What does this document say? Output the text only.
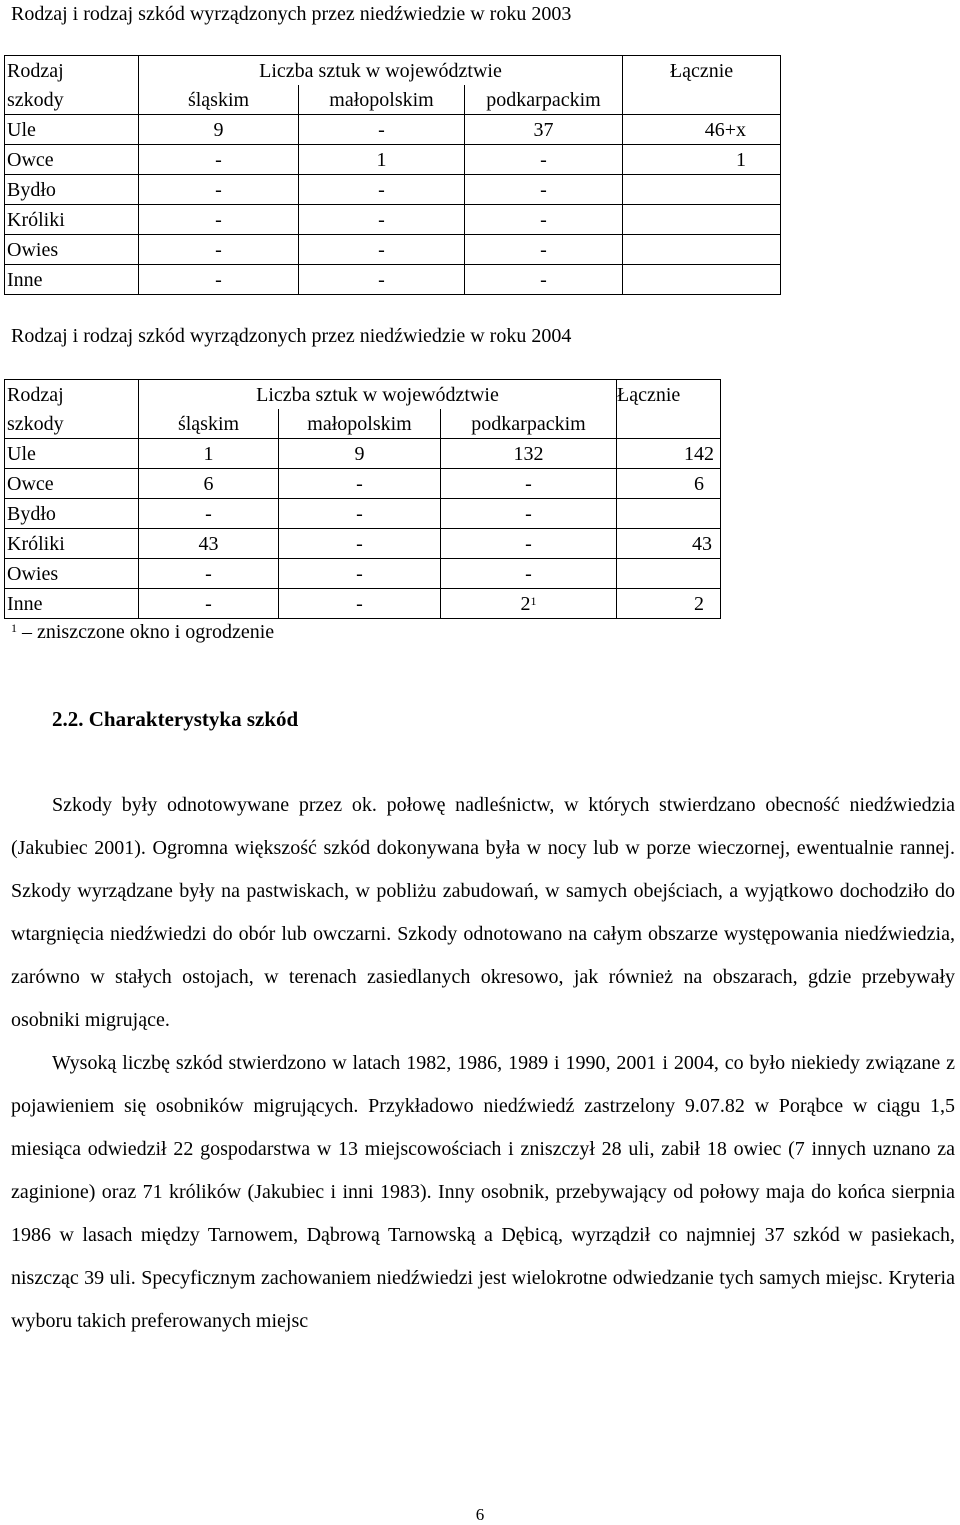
Rodzaj i rodzaj szkód wyrządzonych przez niedźwiedzie w roku 2003
Rodzaj	Liczba sztuk w województwie			Łącznie
szkody	śląskim	małopolskim	podkarpackim	
Ule	9	-	37	46+x
Owce	-	1	-	1
Bydło	-	-	-	
Króliki	-	-	-	
Owies	-	-	-	
Inne	-	-	-	
Rodzaj i rodzaj szkód wyrządzonych przez niedźwiedzie w roku 2004
Rodzaj	Liczba sztuk w województwie			Łącznie
szkody	śląskim	małopolskim	podkarpackim	
Ule	1	9	132	142
Owce	6	-	-	6
Bydło	-	-	-	
Króliki	43	-	-	43
Owies	-	-	-	
Inne	-	-	2$^1$	2
$^1$ – zniszczone okno i ogrodzenie
2.2. Charakterystyka szkód

Szkody były odnotowywane przez ok. połowę nadleśnictw, w których stwierdzano obecność niedźwiedzia (Jakubiec 2001). Ogromna większość szkód dokonywana była w nocy lub w porze wieczornej, ewentualnie rannej. Szkody wyrządzane były na pastwiskach, w pobliżu zabudowań, w samych obejściach, a wyjątkowo dochodziło do wtargnięcia niedźwiedzi do obór lub owczarni. Szkody odnotowano na całym obszarze występowania niedźwiedzia, zarówno w stałych ostojach, w terenach zasiedlanych okresowo, jak również na obszarach, gdzie przebywały osobniki migrujące.

Wysoką liczbę szkód stwierdzono w latach 1982, 1986, 1989 i 1990, 2001 i 2004, co było niekiedy związane z pojawieniem się osobników migrujących. Przykładowo niedźwiedź zastrzelony 9.07.82 w Porąbce w ciągu 1,5 miesiąca odwiedził 22 gospodarstwa w 13 miejscowościach i zniszczył 28 uli, zabił 18 owiec (7 innych uznano za zaginione) oraz 71 królików (Jakubiec i inni 1983). Inny osobnik, przebywający od połowy maja do końca sierpnia 1986 w lasach między Tarnowem, Dąbrową Tarnowską a Dębicą, wyrządził co najmniej 37 szkód w pasiekach, niszcząc 39 uli. Specyficznym zachowaniem niedźwiedzi jest wielokrotne odwiedzanie tych samych miejsc. Kryteria wyboru takich preferowanych miejsc

6
